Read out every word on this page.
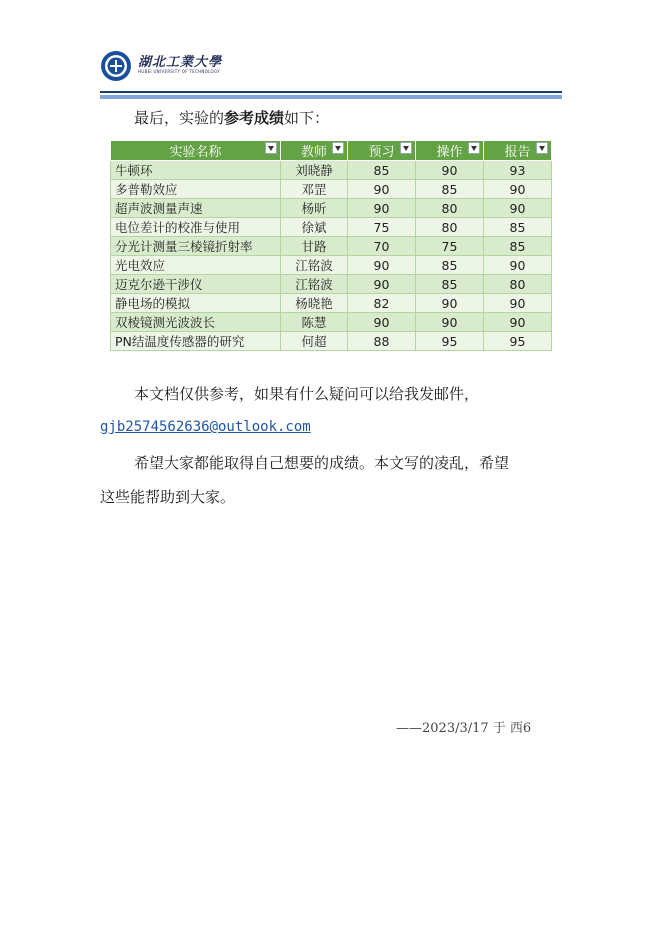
湖北工業大學
HUBEI UNIVERSITY OF TECHNOLOGY
最后，实验的参考成绩如下：
实验名称	教师	预习	操作	报告

牛顿环	刘晓静	85	90	93
多普勒效应	邓罡	90	85	90
超声波测量声速	杨昕	90	80	90
电位差计的校准与使用	徐斌	75	80	85
分光计测量三棱镜折射率	甘路	70	75	85
光电效应	江铭波	90	85	90
迈克尔逊干涉仪	江铭波	90	85	80
静电场的模拟	杨晓艳	82	90	90
双棱镜测光波波长	陈慧	90	90	90
PN结温度传感器的研究	何超	88	95	95
本文档仅供参考，如果有什么疑问可以给我发邮件，
gjb2574562636@outlook.com
希望大家都能取得自己想要的成绩。本文写的凌乱，希望
这些能帮助到大家。
——2023/3/17 于 西6
